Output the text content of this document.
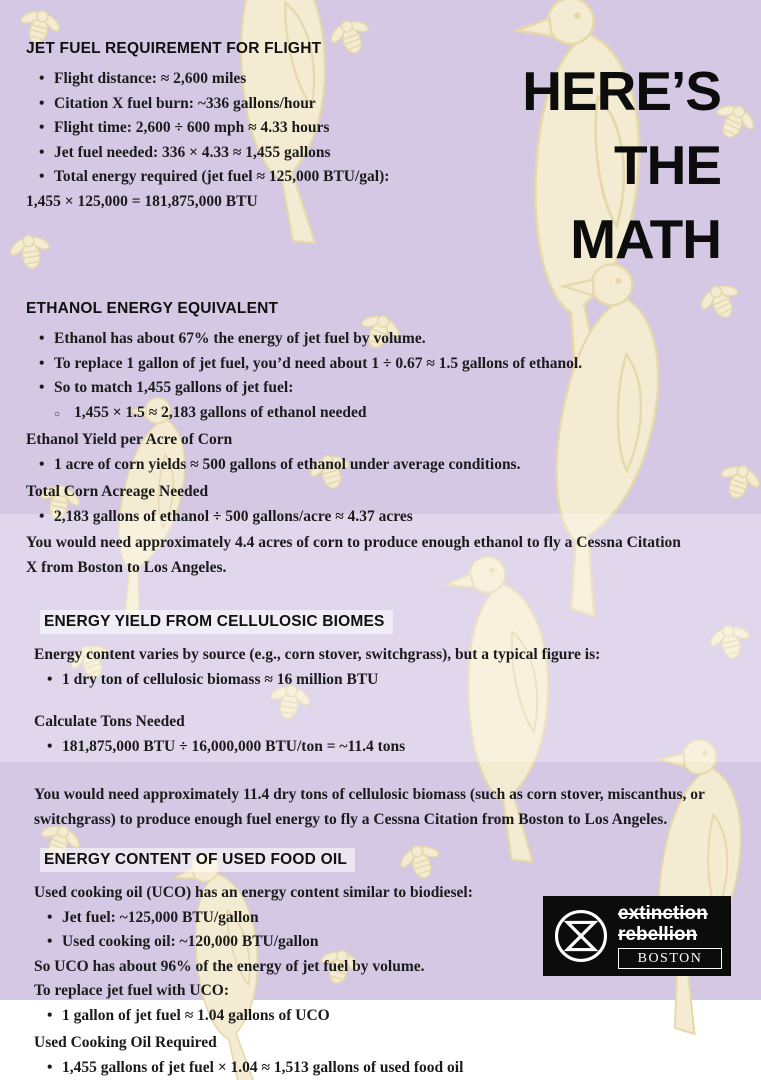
JET FUEL REQUIREMENT FOR FLIGHT
• Flight distance: ≈ 2,600 miles
• Citation X fuel burn: ~336 gallons/hour
• Flight time: 2,600 ÷ 600 mph ≈ 4.33 hours
• Jet fuel needed: 336 × 4.33 ≈ 1,455 gallons
• Total energy required (jet fuel ≈ 125,000 BTU/gal):

1,455 × 125,000 = 181,875,000 BTU

HERE’S THE
MATH
ETHANOL ENERGY EQUIVALENT
• Ethanol has about 67% the energy of jet fuel by volume.
• To replace 1 gallon of jet fuel, you’d need about 1 ÷ 0.67 ≈ 1.5 gallons of ethanol.
• So to match 1,455 gallons of jet fuel:
○ 1,455 × 1.5 ≈ 2,183 gallons of ethanol needed

Ethanol Yield per Acre of Corn

• 1 acre of corn yields ≈ 500 gallons of ethanol under average conditions.

Total Corn Acreage Needed

• 2,183 gallons of ethanol ÷ 500 gallons/acre ≈ 4.37 acres

You would need approximately 4.4 acres of corn to produce enough ethanol to fly a Cessna Citation X from Boston to Los Angeles.

ENERGY YIELD FROM CELLULOSIC BIOMES

Energy content varies by source (e.g., corn stover, switchgrass), but a typical figure is:

• 1 dry ton of cellulosic biomass ≈ 16 million BTU

Calculate Tons Needed

• 181,875,000 BTU ÷ 16,000,000 BTU/ton = ~11.4 tons

You would need approximately 11.4 dry tons of cellulosic biomass (such as corn stover, miscanthus, or switchgrass) to produce enough fuel energy to fly a Cessna Citation from Boston to Los Angeles.

ENERGY CONTENT OF USED FOOD OIL

Used cooking oil (UCO) has an energy content similar to biodiesel:

• Jet fuel: ~125,000 BTU/gallon
• Used cooking oil: ~120,000 BTU/gallon

So UCO has about 96% of the energy of jet fuel by volume.

To replace jet fuel with UCO:

• 1 gallon of jet fuel ≈ 1.04 gallons of UCO

Used Cooking Oil Required

• 1,455 gallons of jet fuel × 1.04 ≈ 1,513 gallons of used food oil
extinction
rebellion
BOSTON
